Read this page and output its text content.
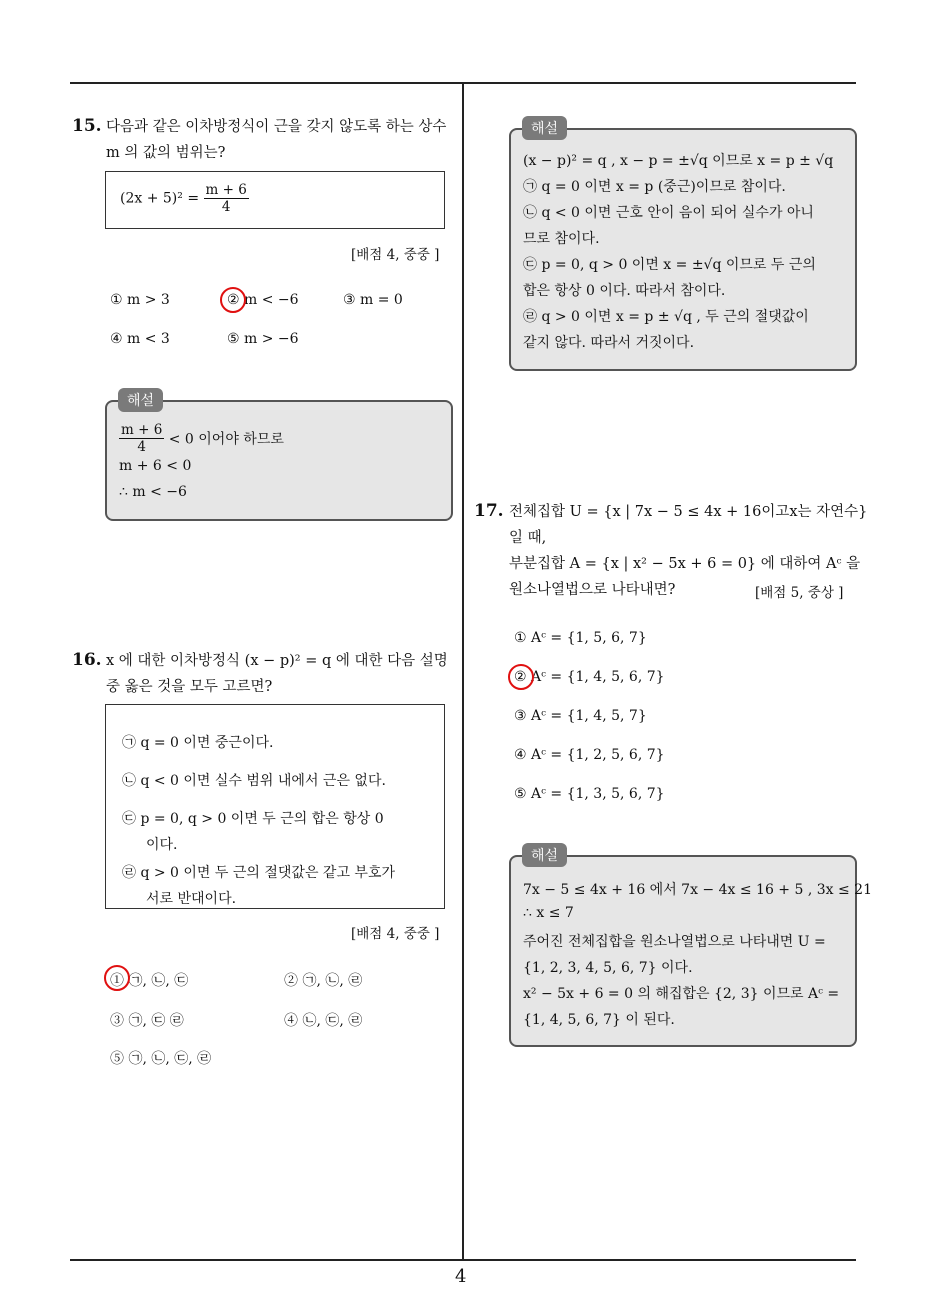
4
15. 다음과 같은 이차방정식이 근을 갖지 않도록 하는 상수
m 의 값의 범위는?
$(2x + 5)^2 = \frac{m + 6}{4}$
[배점 4, 중중 ]
① m > 3	② m < −6	③ m = 0
④ m < 3	⑤ m > −6
$\frac{m + 6}{4} < 0$ 이어야 하므로
m + 6 < 0
∴ m < −6
해설
16. x 에 대한 이차방정식 (x − p)² = q 에 대한 다음 설명
중 옳은 것을 모두 고르면?
㉠ q = 0 이면 중근이다.
㉡ q < 0 이면 실수 범위 내에서 근은 없다.
㉢ p = 0, q > 0 이면 두 근의 합은 항상 0
이다.
㉣ q > 0 이면 두 근의 절댓값은 같고 부호가
서로 반대이다.
[배점 4, 중중 ]
① ㉠, ㉡, ㉢	② ㉠, ㉡, ㉣
③ ㉠, ㉢ ㉣	④ ㉡, ㉢, ㉣
⑤ ㉠, ㉡, ㉢, ㉣
(x − p)² = q , x − p = ±√q 이므로 x = p ± √q
㉠ q = 0 이면 x = p (중근)이므로 참이다.
㉡ q < 0 이면 근호 안이 음이 되어 실수가 아니
므로 참이다.
㉢ p = 0, q > 0 이면 x = ±√q 이므로 두 근의
합은 항상 0 이다. 따라서 참이다.
㉣ q > 0 이면 x = p ± √q , 두 근의 절댓값이
같지 않다. 따라서 거짓이다.
해설
17. 전체집합 U = {x | 7x − 5 ≤ 4x + 16이고x는 자연수}
일 때,
부분집합 A = {x | x² − 5x + 6 = 0} 에 대하여 Aᶜ 을
원소나열법으로 나타내면?	[배점 5, 중상 ]
① Aᶜ = {1, 5, 6, 7}
② Aᶜ = {1, 4, 5, 6, 7}
③ Aᶜ = {1, 4, 5, 7}
④ Aᶜ = {1, 2, 5, 6, 7}
⑤ Aᶜ = {1, 3, 5, 6, 7}
7x − 5 ≤ 4x + 16 에서 7x − 4x ≤ 16 + 5 , 3x ≤ 21
∴ x ≤ 7
주어진 전체집합을 원소나열법으로 나타내면 U =
{1, 2, 3, 4, 5, 6, 7} 이다.
x² − 5x + 6 = 0 의 해집합은 {2, 3} 이므로 Aᶜ =
{1, 4, 5, 6, 7} 이 된다.
해설
